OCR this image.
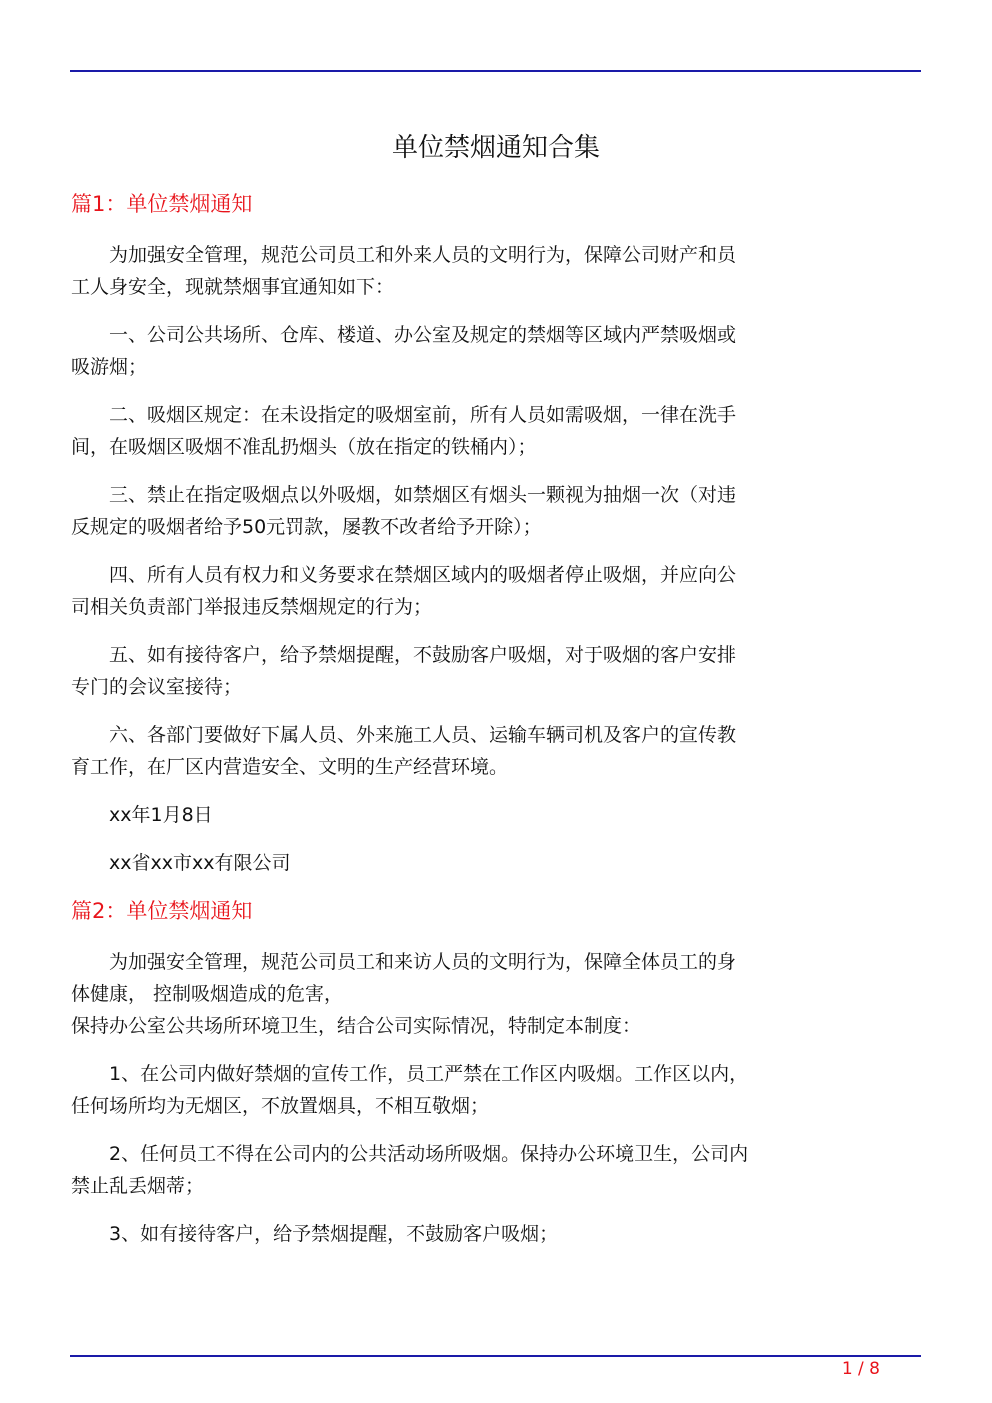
单位禁烟通知合集
篇1：单位禁烟通知
为加强安全管理，规范公司员工和外来人员的文明行为，保障公司财产和员
工人身安全，现就禁烟事宜通知如下：
一、公司公共场所、仓库、楼道、办公室及规定的禁烟等区域内严禁吸烟或
吸游烟；
二、吸烟区规定：在未设指定的吸烟室前，所有人员如需吸烟，一律在洗手
间，在吸烟区吸烟不准乱扔烟头（放在指定的铁桶内）；
三、禁止在指定吸烟点以外吸烟，如禁烟区有烟头一颗视为抽烟一次（对违
反规定的吸烟者给予50元罚款，屡教不改者给予开除）；
四、所有人员有权力和义务要求在禁烟区域内的吸烟者停止吸烟，并应向公
司相关负责部门举报违反禁烟规定的行为；
五、如有接待客户，给予禁烟提醒，不鼓励客户吸烟，对于吸烟的客户安排
专门的会议室接待；
六、各部门要做好下属人员、外来施工人员、运输车辆司机及客户的宣传教
育工作，在厂区内营造安全、文明的生产经营环境。
xx年1月8日
xx省xx市xx有限公司
篇2：单位禁烟通知
为加强安全管理，规范公司员工和来访人员的文明行为，保障全体员工的身
体健康， 控制吸烟造成的危害，
保持办公室公共场所环境卫生，结合公司实际情况，特制定本制度：
1、在公司内做好禁烟的宣传工作，员工严禁在工作区内吸烟。工作区以内，
任何场所均为无烟区，不放置烟具，不相互敬烟；
2、任何员工不得在公司内的公共活动场所吸烟。保持办公环境卫生，公司内
禁止乱丢烟蒂；
3、如有接待客户，给予禁烟提醒，不鼓励客户吸烟；
1 / 8
